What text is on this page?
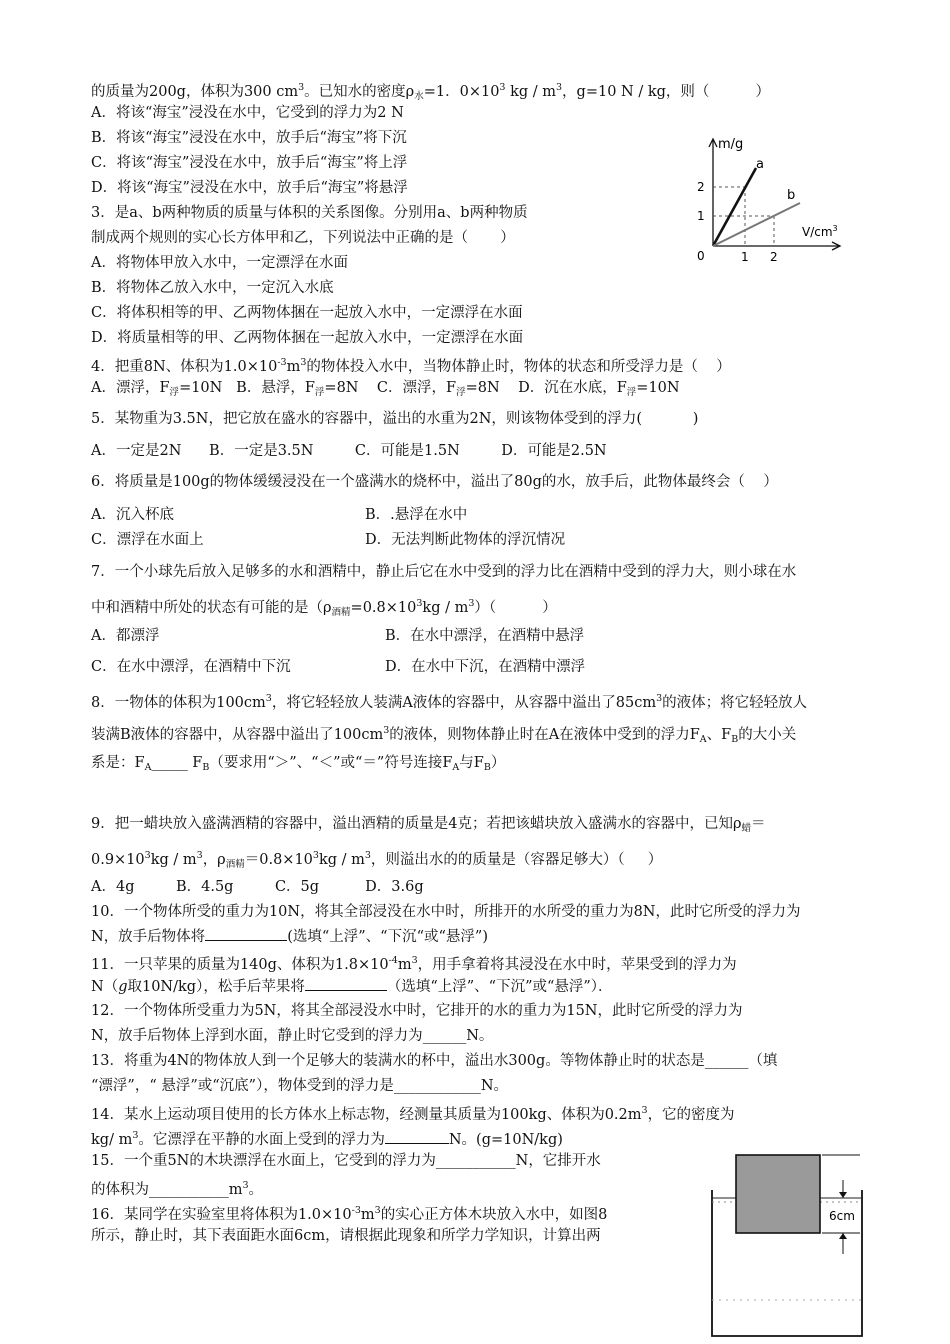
的质量为200g，体积为300 $cm^3$。已知水的密度$\rho_水=1$．$0\times 10^3$ kg / $m^3$，g=10 N / kg，则（          ）
A．将该“海宝”浸没在水中，它受到的浮力为2 N
B．将该“海宝”浸没在水中，放手后“海宝”将下沉
C．将该“海宝”浸没在水中，放手后“海宝”将上浮
D．将该“海宝”浸没在水中，放手后“海宝”将悬浮
3．是a、b两种物质的质量与体积的关系图像。分别用a、b两种物质
制成两个规则的实心长方体甲和乙，下列说法中正确的是（       ）
A．将物体甲放入水中，一定漂浮在水面
B．将物体乙放入水中，一定沉入水底
C．将体积相等的甲、乙两物体捆在一起放入水中，一定漂浮在水面
D．将质量相等的甲、乙两物体捆在一起放入水中，一定漂浮在水面
m/g
$V/cm^3$
0
2
1
1 2
a
b
4．把重8N、体积为$1.0\times 10^{-3}m^3$的物体投入水中，当物体静止时，物体的状态和所受浮力是（    ）
A．漂浮，$F_浮=10N$   B．悬浮，$F_浮=8N$    C．漂浮，$F_浮=8N$    D．沉在水底，$F_浮=10N$
5．某物重为3.5N，把它放在盛水的容器中，溢出的水重为2N，则该物体受到的浮力(           )
A．一定是2N      B．一定是3.5N         C．可能是1.5N         D．可能是2.5N
6．将质量是100g的物体缓缓浸没在一个盛满水的烧杯中，溢出了80g的水，放手后，此物体最终会（    ）
A．沉入杯底	B．.悬浮在水中
C．漂浮在水面上	D．无法判断此物体的浮沉情况
7．一个小球先后放入足够多的水和酒精中，静止后它在水中受到的浮力比在酒精中受到的浮力大，则小球在水
中和酒精中所处的状态有可能的是$(\rho_{酒精}=0.8\times 10^3kg / m^3)$（          ）
A．都漂浮	B．在水中漂浮，在酒精中悬浮
C．在水中漂浮，在酒精中下沉	D．在水中下沉，在酒精中漂浮
8．一物体的体积为$100cm^3$，将它轻轻放人装满A液体的容器中，从容器中溢出了$85cm^3$的液体；将它轻轻放人
装满B液体的容器中，从容器中溢出了$100cm^3$的液体，则物体静止时在A在液体中受到的浮力$F_A$、$F_B$的大小关
系是：$F_A\_\_\_\_\_$ $F_B$（要求用“＞”、“＜”或“＝”符号连接$F_A$与$F_B$）
9．把一蜡块放入盛满酒精的容器中，溢出酒精的质量是4克；若把该蜡块放入盛满水的容器中，已知$\rho_蜡=$
$0.9\times 10^3kg / m^3$，$\rho_{酒精}=0.8\times 10^3kg / m^3$，则溢出水的的质量是（容器足够大）（     ）
A．4g         B．4.5g         C．5g          D．3.6g
10．一个物体所受的重力为10N，将其全部浸没在水中时，所排开的水所受的重力为8N，此时它所受的浮力为
N，放手后物体将	(选填“上浮”、“下沉“或“悬浮”)
11．一只苹果的质量为140g、体积为$1.8\times 10^{-4}m^3$，用手拿着将其浸没在水中时，苹果受到的浮力为
N（g取10N/kg），松手后苹果将	（选填“上浮”、“下沉”或“悬浮”）．
12．一个物体所受重力为5N，将其全部浸没水中时，它排开的水的重力为15N，此时它所受的浮力为
N，放手后物体上浮到水面，静止时它受到的浮力为______N。
13．将重为4N的物体放人到一个足够大的装满水的杯中，溢出水300g。等物体静止时的状态是______（填
“漂浮”，“ 悬浮”或“沉底”），物体受到的浮力是____________N。
14．某水上运动项目使用的长方体水上标志物，经测量其质量为100kg、体积为$0.2m^3$，它的密度为
kg/ $m^3$。它漂浮在平静的水面上受到的浮力为	N。(g=10N/kg)
15．一个重5N的木块漂浮在水面上，它受到的浮力为___________N，它排开水
的体积为$\_\_\_\_\_\_\_\_\_\_\_m^3$。
16．某同学在实验室里将体积为$1.0\times 10^{-3}m^3$的实心正方体木块放入水中，如图8
所示，静止时，其下表面距水面6cm，请根据此现象和所学力学知识，计算出两
6cm
